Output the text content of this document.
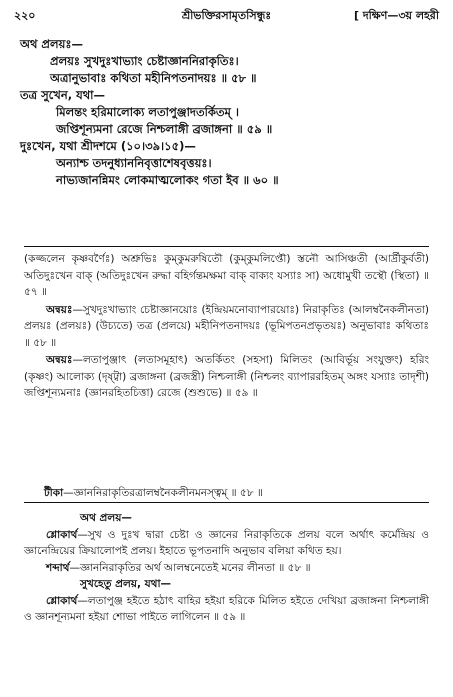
২২০	শ্রীভক্তিরসামৃতসিন্ধুঃ	[ দক্ষিণ—৩য় লহরী
অথ প্রলয়ঃ—
প্রলয়ঃ সুখদুঃখাভ্যাং চেষ্টাজ্ঞাননিরাকৃতিঃ।
অত্রানুভাবাঃ কথিতা মহীনিপতনাদয়ঃ ॥ ৫৮ ॥
তত্র সুখেন, যথা—
মিলন্তং হরিমালোক্য লতাপুঞ্জাদতর্কিতম্ ।
জপ্তিশূন্যমনা রেজে নিশ্চলাঙ্গী ব্রজাঙ্গনা ॥ ৫৯ ॥
দুঃখেন, যথা শ্রীদশমে (১০।৩৯।১৫)—
অন্যাশ্চ তদনুধ্যাননিবৃত্তাশেষবৃত্তয়ঃ।
নাভ্যজানন্নিমং লোকমাত্মলোকং গতা ইব ॥ ৬০ ॥

(কজ্জলেন কৃষ্ণবর্ণৈঃ) অশ্রুভিঃ কুম্কুমরুষিতৌ (কুম্কুমলিপ্তৌ) স্তনৌ আসিঞ্চতী (আর্দ্রীকুর্বতী) অতিদুঃখেন বাক্ (অতিদুঃখেন রুদ্ধা বহির্গন্তমক্ষমা বাক্ বাক্যং যস্যাঃ সা) অধোমুখী তস্থৌ (স্থিতা) ॥ ৫৭ ॥

অন্বয়ঃ—সুখদুঃখাভ্যাং চেষ্টাজ্ঞানয়োঃ (ইন্দ্রিয়মনোব্যাপারয়োঃ) নিরাকৃতিঃ (আলম্বনৈকলীনতা) প্রলয়ঃ (প্রলয়ঃ) (উচ্যতে) তত্র (প্রলয়ে) মহীনিপতনাদয়ঃ (ভূমিপতনপ্রভৃতয়ঃ) অনুভাবাঃ কথিতাঃ ॥ ৫৮ ॥

অন্বয়ঃ—লতাপুঞ্জাৎ (লতাসমূহাৎ) অতর্কিতং (সহসা) মিলিতং (আবির্ভূয় সংযুক্তং) হরিং (কৃষ্ণং) আলোক্য (দৃষ্ট্বা) ব্রজাঙ্গনা (ব্রজস্ত্রী) নিশ্চলাঙ্গী (নিশ্চলং ব্যাপাররহিতম্ অঙ্গং যস্যাঃ তাদৃশী) জপ্তিশূন্যমনাঃ (জ্ঞানরহিতচিত্তা) রেজে (শুশুভে) ॥ ৫৯ ॥

টীকা—জ্ঞাননিরাকৃতিরত্রালম্বনৈকলীনমনস্ত্বম্ ॥ ৫৮ ॥

অথ প্রলয়—

শ্লোকার্থ—সুখ ও দুঃখ দ্বারা চেষ্টা ও জ্ঞানের নিরাকৃতিকে প্রলয় বলে অর্থাৎ কর্মেন্দ্রিয় ও জ্ঞানেন্দ্রিয়ের ক্রিয়ালোপই প্রলয়। ইহাতে ভূপতনাদি অনুভাব বলিয়া কথিত হয়।

শব্দার্থ—জ্ঞাননিরাকৃতির অর্থ আলম্বনেতেই মনের লীনতা ॥ ৫৮ ॥

সুখহেতু প্রলয়, যথা—

শ্লোকার্থ—লতাপুঞ্জ হইতে হঠাৎ বাহির হইয়া হরিকে মিলিত হইতে দেখিয়া ব্রজাঙ্গনা নিশ্চলাঙ্গী ও জ্ঞানশূন্যমনা হইয়া শোভা পাইতে লাগিলেন ॥ ৫৯ ॥
